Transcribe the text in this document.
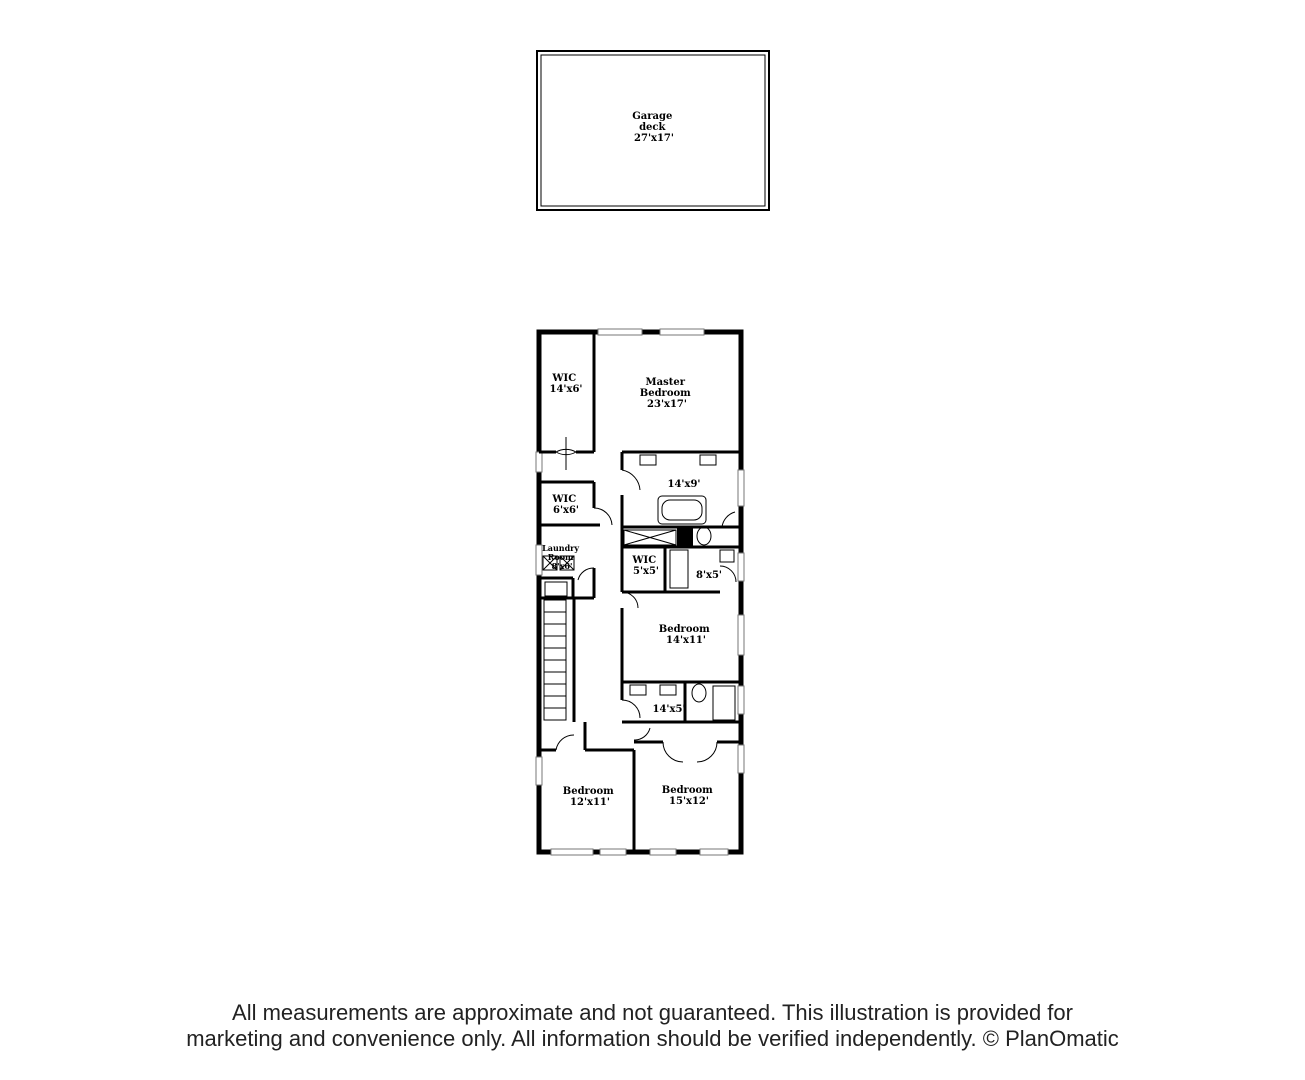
Garage deck 27'x17'
WIC 14'x6'
Master Bedroom 23'x17'
14'x9'
WIC 6'x6'
Laundry Room 8'x6'	WIC 5'x5'	8'x5'
Bedroom 14'x11'
14'x5'
Bedroom 12'x11'
Bedroom 15'x12'
All measurements are approximate and not guaranteed. This illustration is provided for
marketing and convenience only. All information should be verified independently. © PlanOmatic
